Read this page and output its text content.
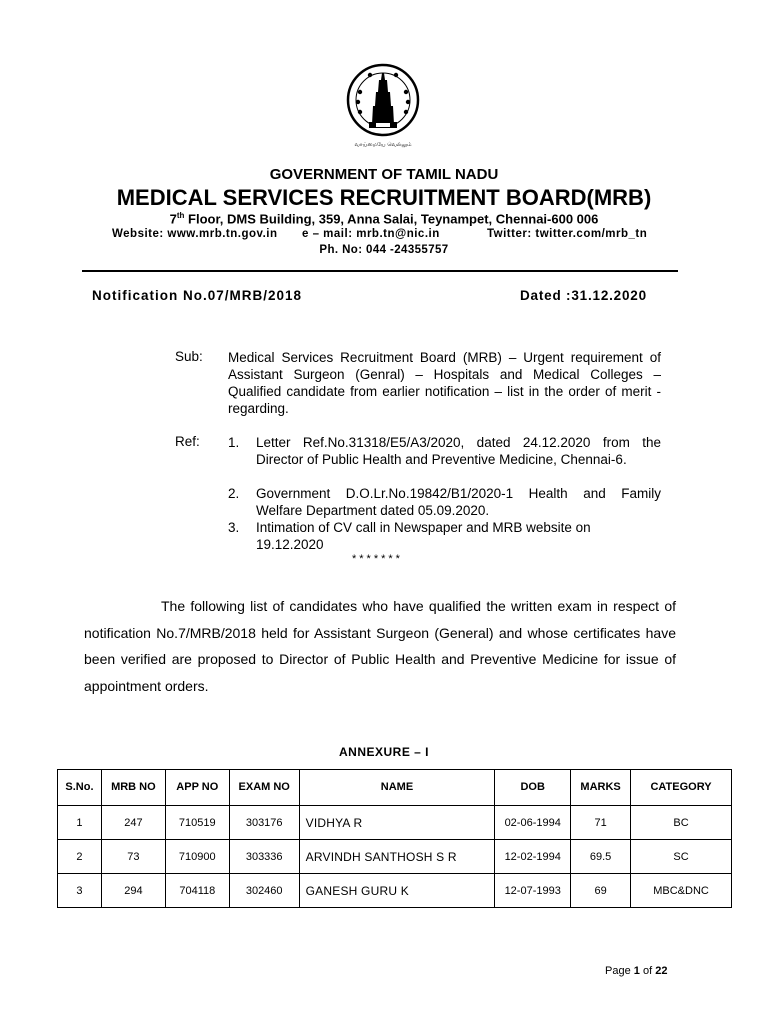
வாய்மையே வெல்லும்
GOVERNMENT OF TAMIL NADU
MEDICAL SERVICES RECRUITMENT BOARD(MRB)
7th Floor, DMS Building, 359, Anna Salai, Teynampet, Chennai-600 006
Website: www.mrb.tn.gov.in e – mail: mrb.tn@nic.in	Twitter: twitter.com/mrb_tn
Ph. No: 044 -24355757
Notification No.07/MRB/2018	Dated :31.12.2020
Sub: Medical Services Recruitment Board (MRB) – Urgent requirement of Assistant Surgeon (Genral) – Hospitals and Medical Colleges – Qualified candidate from earlier notification – list in the order of merit - regarding.
Ref: 1. Letter Ref.No.31318/E5/A3/2020, dated 24.12.2020 from the Director of Public Health and Preventive Medicine, Chennai-6.
2. Government D.O.Lr.No.19842/B1/2020-1 Health and Family Welfare Department dated 05.09.2020.
3. Intimation of CV call in Newspaper and MRB website on 19.12.2020
*******
The following list of candidates who have qualified the written exam in respect of notification No.7/MRB/2018 held for Assistant Surgeon (General) and whose certificates have been verified are proposed to Director of Public Health and Preventive Medicine for issue of appointment orders.
ANNEXURE – I
S.No.	MRB NO	APP NO	EXAM NO	NAME	DOB	MARKS	CATEGORY
1	247	710519	303176	VIDHYA R	02-06-1994	71	BC
2	73	710900	303336	ARVINDH SANTHOSH S R	12-02-1994	69.5	SC
3	294	704118	302460	GANESH GURU K	12-07-1993	69	MBC&DNC
Page 1 of 22
